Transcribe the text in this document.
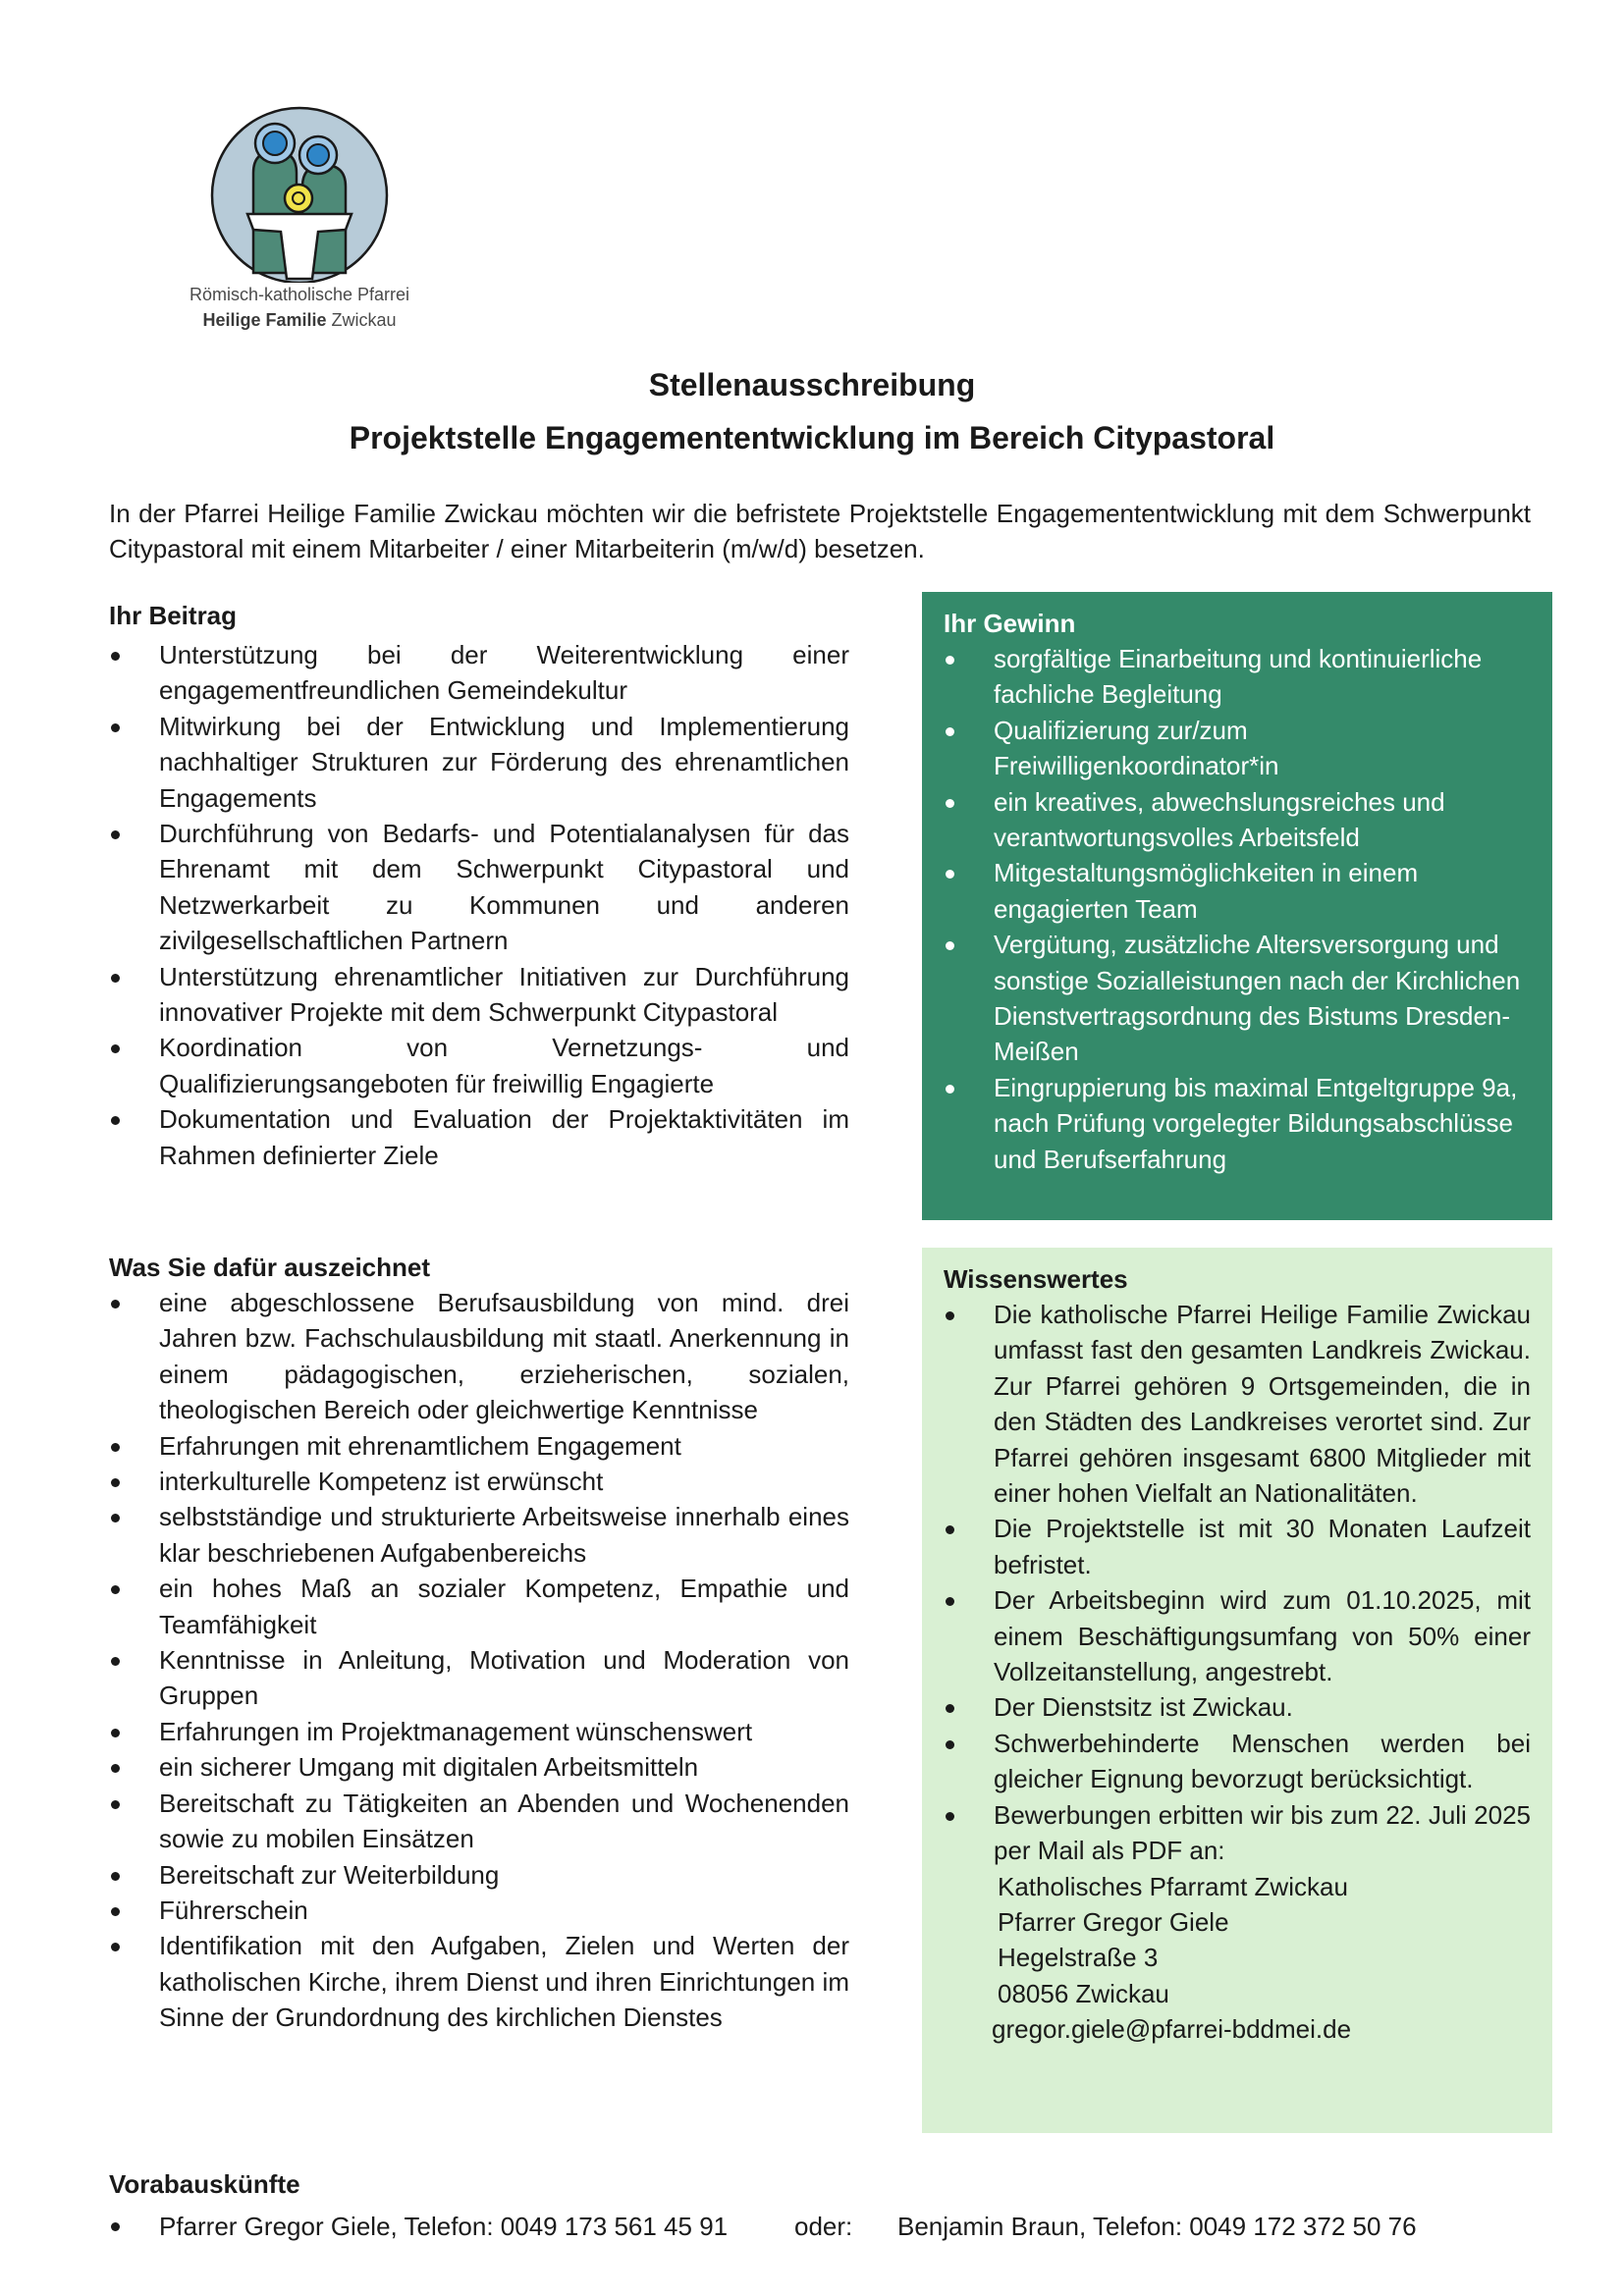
Römisch-katholische Pfarrei
Heilige Familie Zwickau
Stellenausschreibung
Projektstelle Engagemententwicklung im Bereich Citypastoral
In der Pfarrei Heilige Familie Zwickau möchten wir die befristete Projektstelle Engagemententwicklung mit dem Schwerpunkt Citypastoral mit einem Mitarbeiter / einer Mitarbeiterin (m/w/d) besetzen.
Ihr Beitrag
Unterstützung bei der Weiterentwicklung einer engagementfreundlichen Gemeindekultur
Mitwirkung bei der Entwicklung und Implementierung nachhaltiger Strukturen zur Förderung des ehrenamtlichen Engagements
Durchführung von Bedarfs- und Potentialanalysen für das Ehrenamt mit dem Schwerpunkt Citypastoral und Netzwerkarbeit zu Kommunen und anderen zivilgesellschaftlichen Partnern
Unterstützung ehrenamtlicher Initiativen zur Durchführung innovativer Projekte mit dem Schwerpunkt Citypastoral
Koordination von Vernetzungs- und Qualifizierungsangeboten für freiwillig Engagierte
Dokumentation und Evaluation der Projektaktivitäten im Rahmen definierter Ziele
Was Sie dafür auszeichnet
eine abgeschlossene Berufsausbildung von mind. drei Jahren bzw. Fachschulausbildung mit staatl. Anerkennung in einem pädagogischen, erzieherischen, sozialen, theologischen Bereich oder gleichwertige Kenntnisse
Erfahrungen mit ehrenamtlichem Engagement
interkulturelle Kompetenz ist erwünscht
selbstständige und strukturierte Arbeitsweise innerhalb eines klar beschriebenen Aufgabenbereichs
ein hohes Maß an sozialer Kompetenz, Empathie und Teamfähigkeit
Kenntnisse in Anleitung, Motivation und Moderation von Gruppen
Erfahrungen im Projektmanagement wünschenswert
ein sicherer Umgang mit digitalen Arbeitsmitteln
Bereitschaft zu Tätigkeiten an Abenden und Wochenenden sowie zu mobilen Einsätzen
Bereitschaft zur Weiterbildung
Führerschein
Identifikation mit den Aufgaben, Zielen und Werten der katholischen Kirche, ihrem Dienst und ihren Einrichtungen im Sinne der Grundordnung des kirchlichen Dienstes
Ihr Gewinn
sorgfältige Einarbeitung und kontinuierliche fachliche Begleitung
Qualifizierung zur/zum Freiwilligenkoordinator*in
ein kreatives, abwechslungsreiches und verantwortungsvolles Arbeitsfeld
Mitgestaltungsmöglichkeiten in einem engagierten Team
Vergütung, zusätzliche Altersversorgung und sonstige Sozialleistungen nach der Kirchlichen Dienstvertragsordnung des Bistums Dresden-Meißen
Eingruppierung bis maximal Entgeltgruppe 9a, nach Prüfung vorgelegter Bildungsabschlüsse und Berufserfahrung
Wissenswertes
Die katholische Pfarrei Heilige Familie Zwickau umfasst fast den gesamten Landkreis Zwickau. Zur Pfarrei gehören 9 Ortsgemeinden, die in den Städten des Landkreises verortet sind. Zur Pfarrei gehören insgesamt 6800 Mitglieder mit einer hohen Vielfalt an Nationalitäten.
Die Projektstelle ist mit 30 Monaten Laufzeit befristet.
Der Arbeitsbeginn wird zum 01.10.2025, mit einem Beschäftigungsumfang von 50% einer Vollzeitanstellung, angestrebt.
Der Dienstsitz ist Zwickau.
Schwerbehinderte Menschen werden bei gleicher Eignung bevorzugt berücksichtigt.
Bewerbungen erbitten wir bis zum 22. Juli 2025 per Mail als PDF an:
Katholisches Pfarramt Zwickau
Pfarrer Gregor Giele
Hegelstraße 3
08056 Zwickau
gregor.giele@pfarrei-bddmei.de
Vorabauskünfte
Pfarrer Gregor Giele, Telefon: 0049 173 561 45 91	oder: Benjamin Braun, Telefon: 0049 172 372 50 76
